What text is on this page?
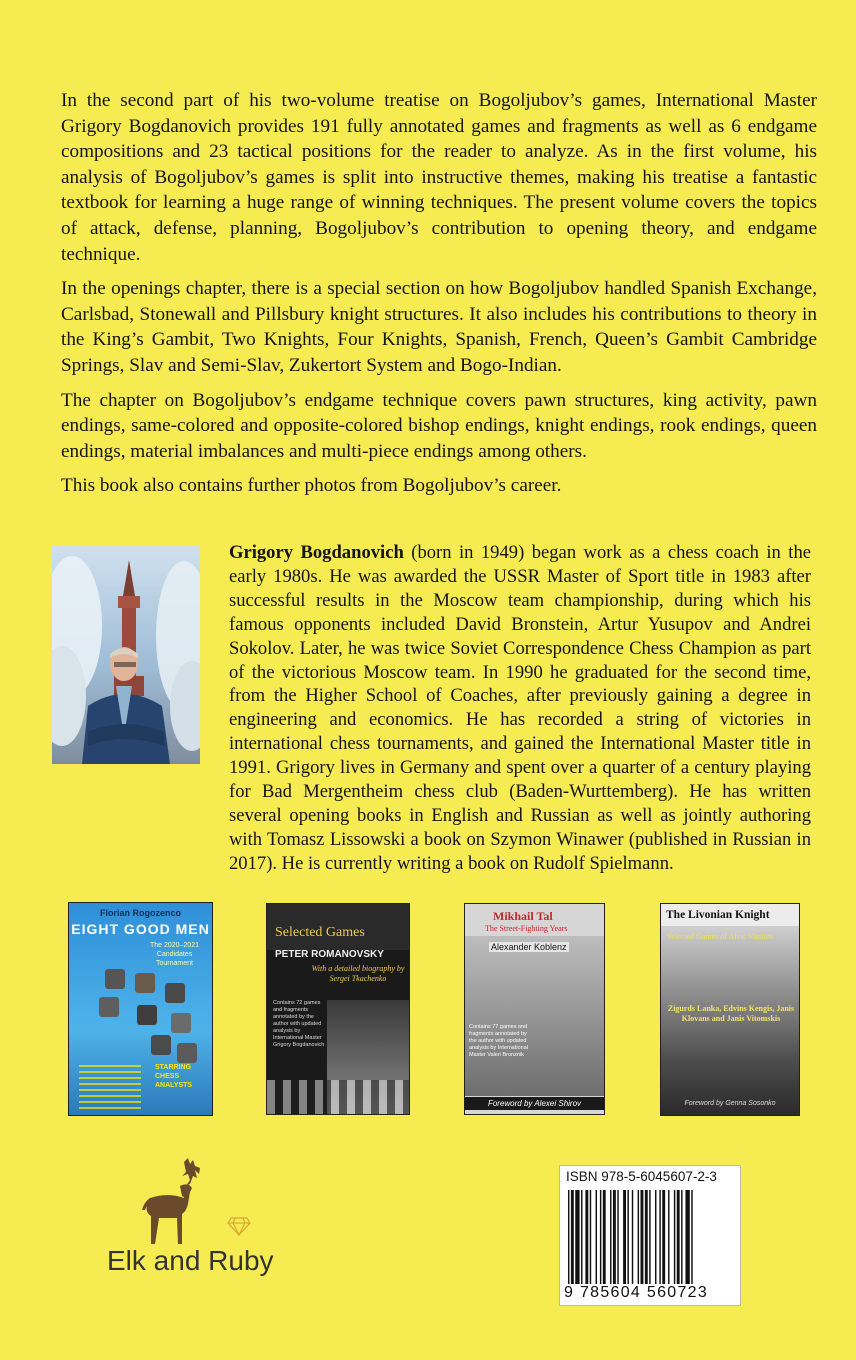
In the second part of his two-volume treatise on Bogoljubov’s games, International Master Grigory Bogdanovich provides 191 fully annotated games and fragments as well as 6 endgame compositions and 23 tactical positions for the reader to analyze. As in the first volume, his analysis of Bogoljubov’s games is split into instructive themes, making his treatise a fantastic textbook for learning a huge range of winning techniques. The present volume covers the topics of attack, defense, planning, Bogoljubov’s contribution to opening theory, and endgame technique.

In the openings chapter, there is a special section on how Bogoljubov handled Spanish Exchange, Carlsbad, Stonewall and Pillsbury knight structures. It also includes his contributions to theory in the King’s Gambit, Two Knights, Four Knights, Spanish, French, Queen’s Gambit Cambridge Springs, Slav and Semi-Slav, Zukertort System and Bogo-Indian.

The chapter on Bogoljubov’s endgame technique covers pawn structures, king activity, pawn endings, same-colored and opposite-colored bishop endings, knight endings, rook endings, queen endings, material imbalances and multi-piece endings among others.

This book also contains further photos from Bogoljubov’s career.

Grigory Bogdanovich (born in 1949) began work as a chess coach in the early 1980s. He was awarded the USSR Master of Sport title in 1983 after successful results in the Moscow team championship, during which his famous opponents included David Bronstein, Artur Yusupov and Andrei Sokolov. Later, he was twice Soviet Correspondence Chess Champion as part of the victorious Moscow team. In 1990 he graduated for the second time, from the Higher School of Coaches, after previously gaining a degree in engineering and economics. He has recorded a string of victories in international chess tournaments, and gained the International Master title in 1991. Grigory lives in Germany and spent over a quarter of a century playing for Bad Mergentheim chess club (Baden-Wurttemberg). He has written several opening books in English and Russian as well as jointly authoring with Tomasz Lissowski a book on Szymon Winawer (published in Russian in 2017). He is currently writing a book on Rudolf Spielmann.
Florian Rogozenco
EIGHT GOOD MEN
The 2020–2021 Candidates Tournament
STARRING CHESS ANALYSTS
Selected Games
PETER ROMANOVSKY
With a detailed biography by Sergei Tkachenko
Contains 72 games and fragments annotated by the author with updated analysis by International Master Grigory Bogdanovich
Mikhail Tal
The Street-Fighting Years
Alexander Koblenz
Contains 77 games and fragments annotated by the author with updated analysis by International Master Valeri Bronznik
Foreword by Alexei Shirov
The Livonian Knight
Selected Games of Alvis Vitolins
Zigurds Lanka, Edvins Kengis, Janis Klovans and Janis Vitomskis
Foreword by Genna Sosonko
ISBN 978-5-6045607-2-3
9 785604 560723
Elk and Ruby
